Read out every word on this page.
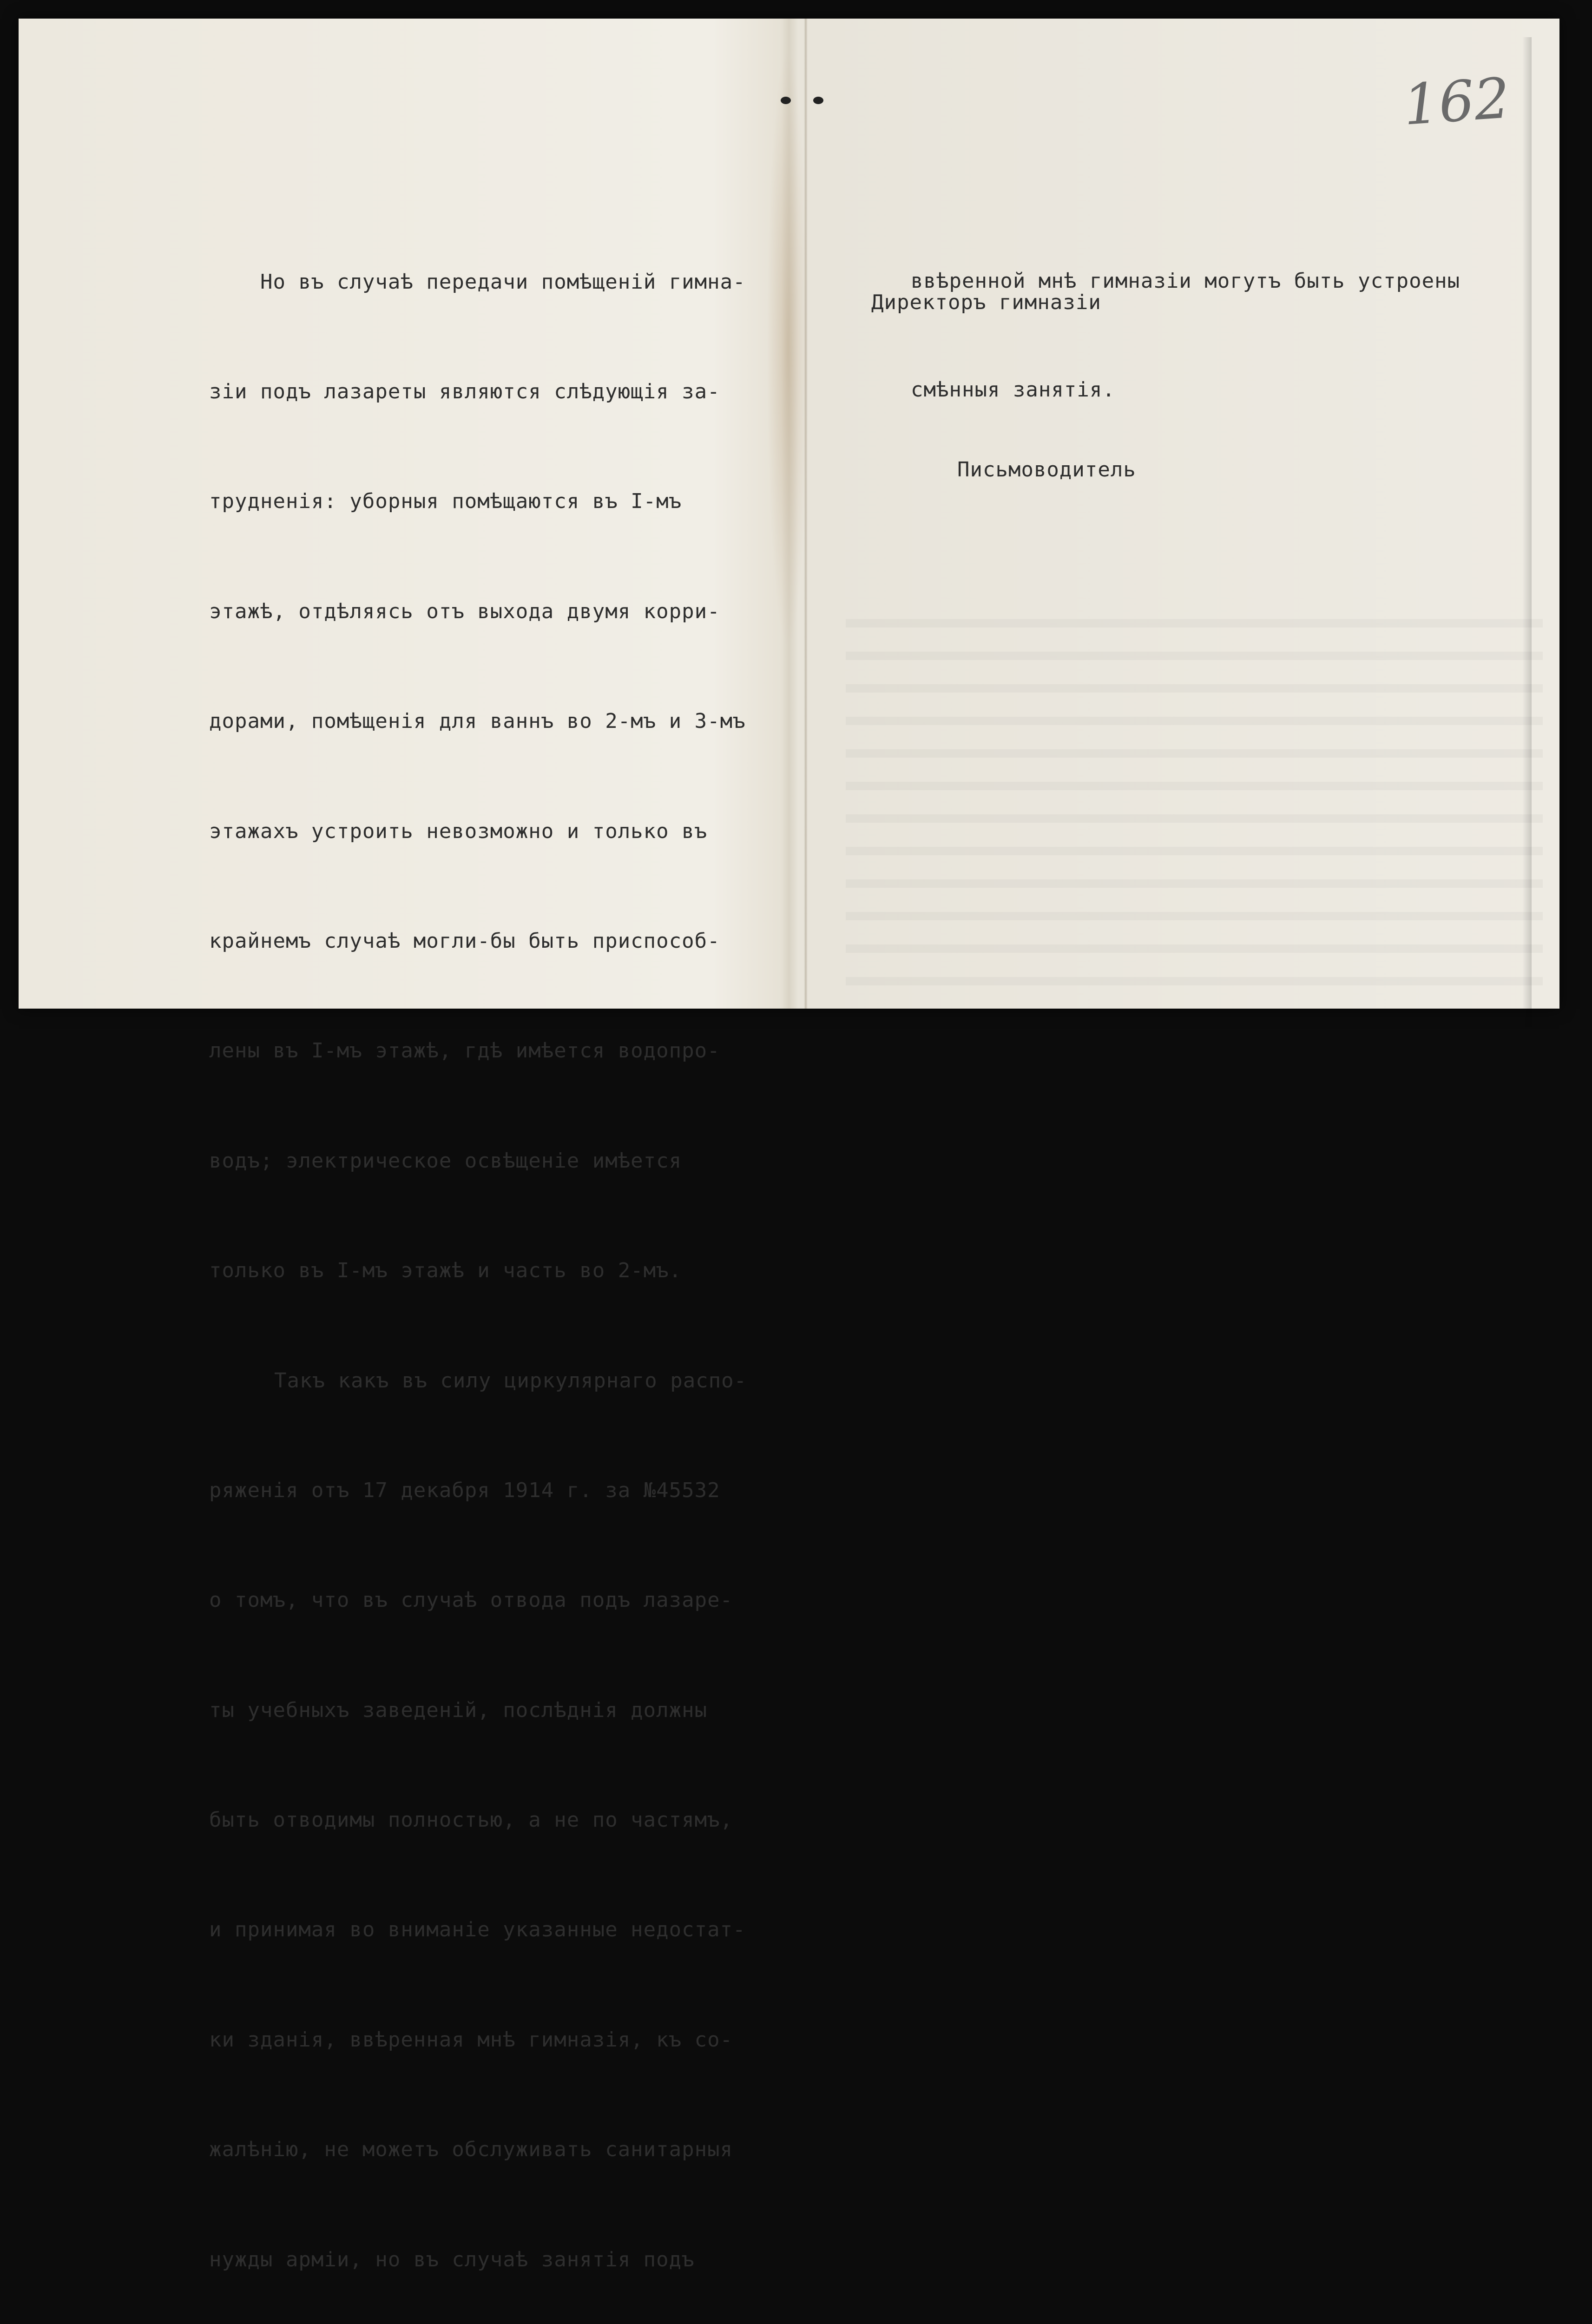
162

Но въ случаѣ передачи помѣщеній гимна-

зіи подъ лазареты являются слѣдующія за-

трудненія: уборныя помѣщаются въ І-мъ

этажѣ, отдѣляясь отъ выхода двумя корри-

дорами, помѣщенія для ваннъ во 2-мъ и 3-мъ

этажахъ устроить невозможно и только въ

крайнемъ случаѣ могли-бы быть приспособ-

лены въ І-мъ этажѣ, гдѣ имѣется водопро-

водъ; электрическое освѣщеніе имѣется

только въ І-мъ этажѣ и часть во 2-мъ.

Такъ какъ въ силу циркулярнаго распо-

ряженія отъ 17 декабря 1914 г. за №45532

о томъ, что въ случаѣ отвода подъ лазаре-

ты учебныхъ заведеній, послѣднія должны

быть отводимы полностью, а не по частямъ,

и принимая во вниманіе указанные недостат-

ки зданія, ввѣренная мнѣ гимназія, къ со-

жалѣнію, не можетъ обслуживать санитарныя

нужды арміи, но въ случаѣ занятія подъ

ввѣренной мнѣ гимназіи могутъ быть устроены

смѣнныя занятія.

Директоръ гимназіи
Письмоводитель
